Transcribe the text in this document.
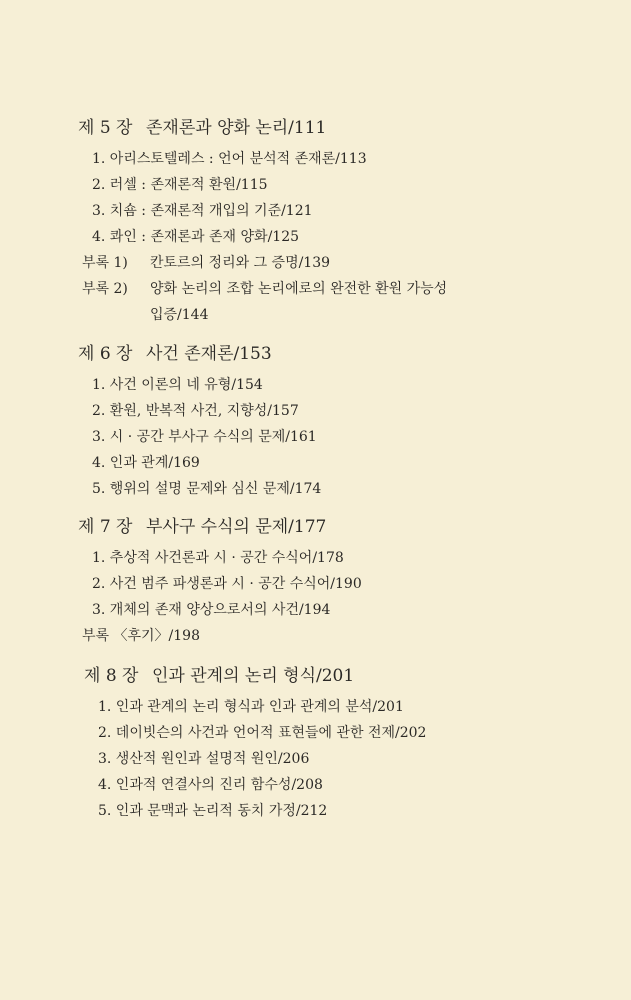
제 5 장 존재론과 양화 논리/111
1. 아리스토텔레스 : 언어 분석적 존재론/113
2. 러셀 : 존재론적 환원/115
3. 치숌 : 존재론적 개입의 기준/121
4. 콰인 : 존재론과 존재 양화/125
부록 1) 칸토르의 정리와 그 증명/139
부록 2) 양화 논리의 조합 논리에로의 완전한 환원 가능성
입증/144
제 6 장 사건 존재론/153
1. 사건 이론의 네 유형/154
2. 환원, 반복적 사건, 지향성/157
3. 시 · 공간 부사구 수식의 문제/161
4. 인과 관계/169
5. 행위의 설명 문제와 심신 문제/174
제 7 장 부사구 수식의 문제/177
1. 추상적 사건론과 시 · 공간 수식어/178
2. 사건 범주 파생론과 시 · 공간 수식어/190
3. 개체의 존재 양상으로서의 사건/194
부록 〈후기〉/198
제 8 장 인과 관계의 논리 형식/201
1. 인과 관계의 논리 형식과 인과 관계의 분석/201
2. 데이빗슨의 사건과 언어적 표현들에 관한 전제/202
3. 생산적 원인과 설명적 원인/206
4. 인과적 연결사의 진리 함수성/208
5. 인과 문맥과 논리적 동치 가정/212
